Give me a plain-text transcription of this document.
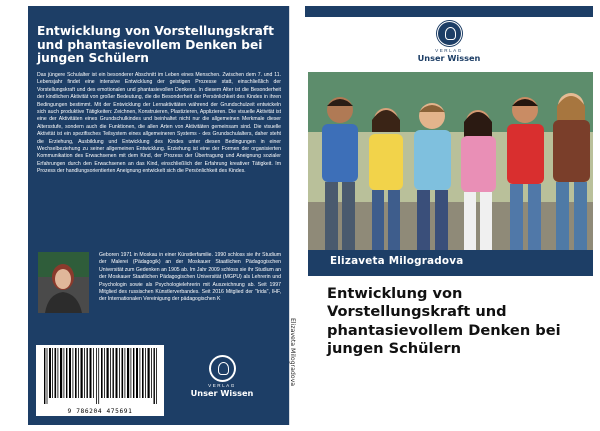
Entwicklung von Vorstellungskraft und phantasievollem Denken bei jungen Schülern

Das jüngere Schulalter ist ein besonderer Abschnitt im Leben eines Menschen. Zwischen dem 7. und 11. Lebensjahr findet eine intensive Entwicklung der geistigen Prozesse statt, einschließlich der Vorstellungskraft und des emotionalen und phantasievollen Denkens. In diesem Alter ist die Besonderheit der kindlichen Aktivität von großer Bedeutung, die die Besonderheit der Persönlichkeit des Kindes in ihren Bedingungen bestimmt. Mit der Entwicklung der Lernaktivitäten während der Grundschulzeit entwickeln sich auch produktive Tätigkeiten: Zeichnen, Konstruieren, Plastizieren, Applizieren. Die visuelle Aktivität ist eine der Aktivitäten eines Grundschulkindes und beinhaltet nicht nur die allgemeinen Merkmale dieser Altersstufe, sondern auch die Funktionen, die allen Arten von Aktivitäten gemeinsam sind. Die visuelle Aktivität ist ein spezifisches Teilsystem eines allgemeineren Systems - des Grundschulalters, daher steht die Erziehung, Ausbildung und Entwicklung des Kindes unter diesen Bedingungen in einer Wechselbeziehung zu seiner allgemeinen Entwicklung. Erziehung ist eine der Formen der organisierten Kommunikation des Erwachsenen mit dem Kind, der Prozess der Übertragung und Aneignung sozialer Erfahrungen durch den Erwachsenen an das Kind, einschließlich der Erfahrung kreativer Tätigkeit. Im Prozess der handlungsorientierten Aneignung entwickelt sich die Persönlichkeit des Kindes.

Geboren 1971 in Moskau in einer Künstlerfamilie. 1990 schloss sie ihr Studium der Malerei (Pädagogik) an der Moskauer Staatlichen Pädagogischen Universität zum Gedenken an 1905 ab. Im Jahr 2009 schloss sie ihr Studium an der Moskauer Staatlichen Pädagogischen Universität (MGPU) als Lehrerin und Psychologin sowie als Psychologielehrerin mit Auszeichnung ab. Seit 1997 Mitglied des russischen Künstlerverbandes. Seit 2016 Mitglied der "Irida", IHF, der Internationalen Vereinigung der pädagogischen K

9 786204 475691
VERLAG
Unser Wissen
Elizaveta Milogradova
VERLAG
Unser Wissen
Elizaveta Milogradova
Entwicklung von Vorstellungskraft und phantasievollem Denken bei jungen Schülern
